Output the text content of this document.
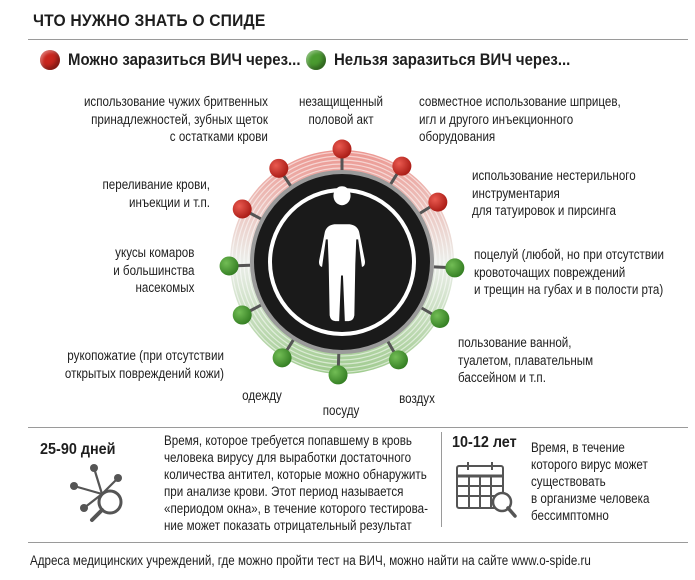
ЧТО НУЖНО ЗНАТЬ О СПИДЕ
Можно заразиться ВИЧ через... Нельзя заразиться ВИЧ через...
использование чужих бритвенных
принадлежностей, зубных щеток
с остатками крови
незащищенный
половой акт
совместное использование шприцев,
игл и другого инъекционного
оборудования
переливание крови,
инъекции и т.п.
использование нестерильного
инструментария
для татуировок и пирсинга
укусы комаров
и большинства
насекомых
поцелуй (любой, но при отсутствии
кровоточащих повреждений
и трещин на губах и в полости рта)
рукопожатие (при отсутствии
открытых повреждений кожи)
пользование ванной,
туалетом, плавательным
бассейном и т.п.
одежду
посуду
воздух
25-90 дней
Время, которое требуется попавшему в кровь
человека вирусу для выработки достаточного
количества антител, которые можно обнаружить
при анализе крови. Этот период называется
«периодом окна», в течение которого тестирова-
ние может показать отрицательный результат
10-12 лет Время, в течение
которого вирус может
существовать
в организме человека
бессимптомно
Адреса медицинских учреждений, где можно пройти тест на ВИЧ, можно найти на сайте www.o-spide.ru
